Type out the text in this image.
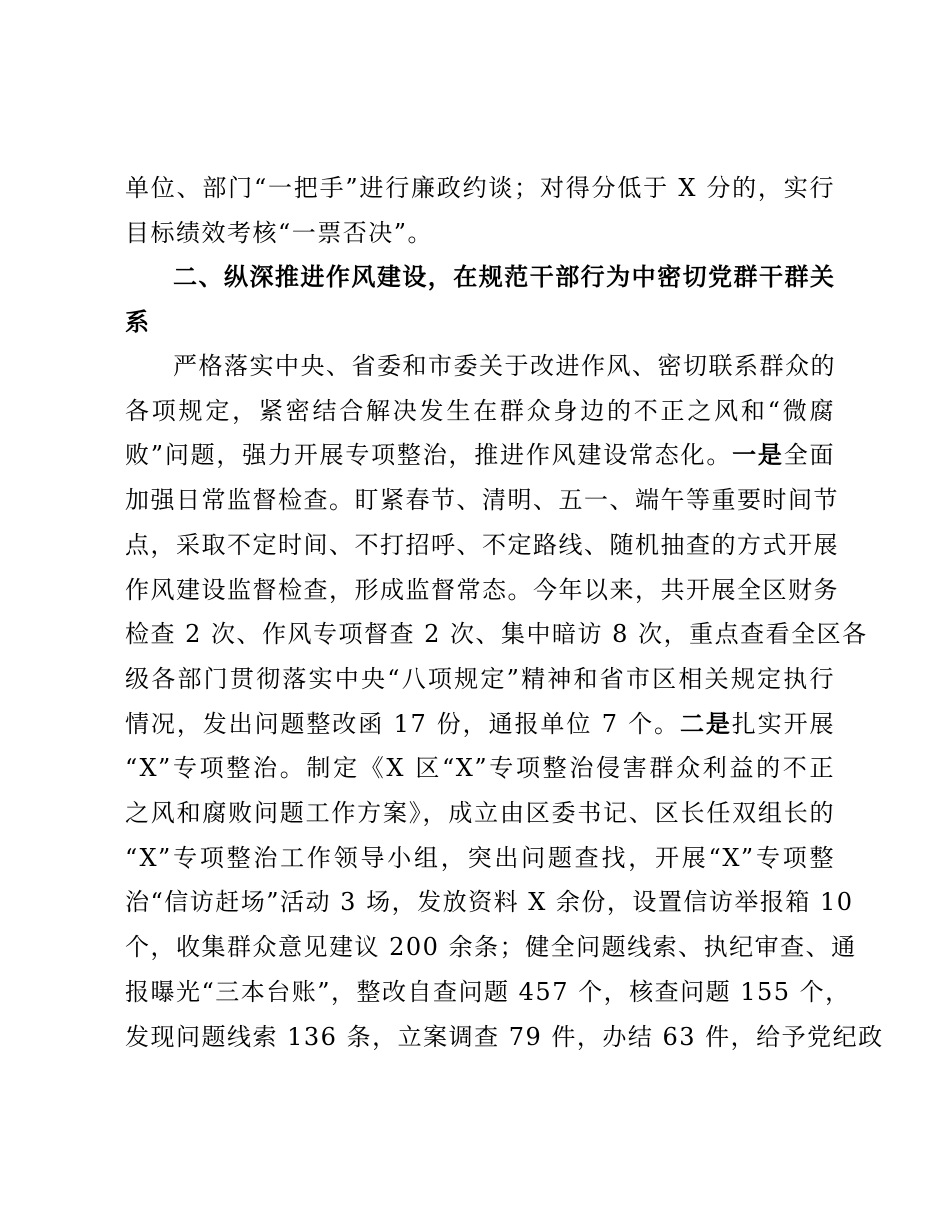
单位、部门“一把手”进行廉政约谈；对得分低于 X 分的，实行
目标绩效考核“一票否决”。
二、纵深推进作风建设，在规范干部行为中密切党群干群关
系
严格落实中央、省委和市委关于改进作风、密切联系群众的
各项规定，紧密结合解决发生在群众身边的不正之风和“微腐
败”问题，强力开展专项整治，推进作风建设常态化。一是全面
加强日常监督检查。盯紧春节、清明、五一、端午等重要时间节
点，采取不定时间、不打招呼、不定路线、随机抽查的方式开展
作风建设监督检查，形成监督常态。今年以来，共开展全区财务
检查 2 次、作风专项督查 2 次、集中暗访 8 次，重点查看全区各
级各部门贯彻落实中央“八项规定”精神和省市区相关规定执行
情况，发出问题整改函 17 份，通报单位 7 个。二是扎实开展
“X”专项整治。制定《X 区“X”专项整治侵害群众利益的不正
之风和腐败问题工作方案》，成立由区委书记、区长任双组长的
“X”专项整治工作领导小组，突出问题查找，开展“X”专项整
治“信访赶场”活动 3 场，发放资料 X 余份，设置信访举报箱 10
个，收集群众意见建议 200 余条；健全问题线索、执纪审查、通
报曝光“三本台账”，整改自查问题 457 个，核查问题 155 个，
发现问题线索 136 条，立案调查 79 件，办结 63 件，给予党纪政
